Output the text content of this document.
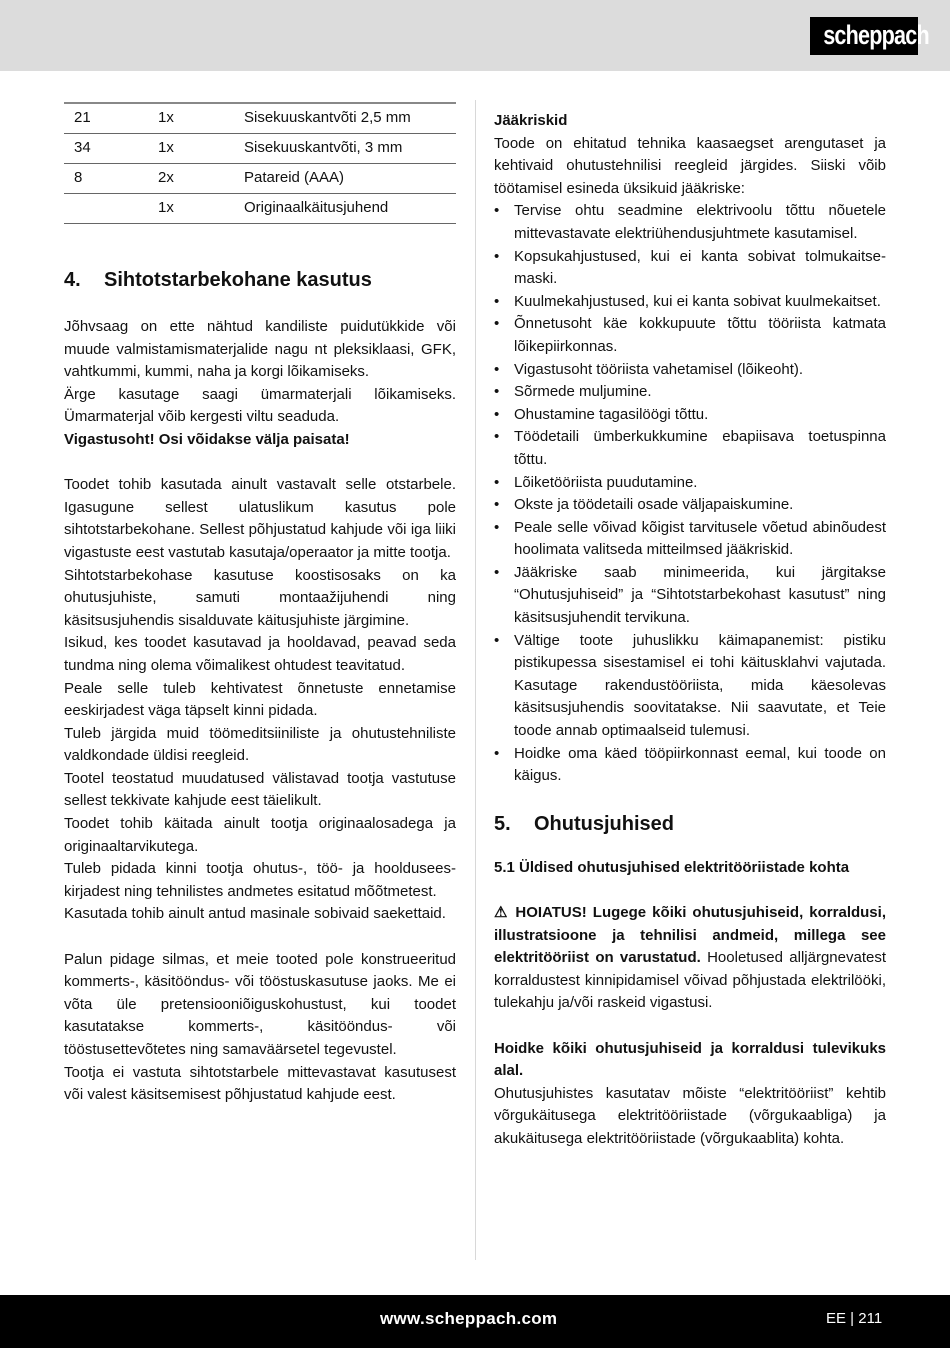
scheppach
21	1x	Sisekuuskantvõti 2,5 mm
34	1x	Sisekuuskantvõti, 3 mm
8	2x	Patareid (AAA)
	1x	Originaalkäitusjuhend
4. Sihtotstarbekohane kasutus

Jõhvsaag on ette nähtud kandiliste puidutükkide või muude valmistamismaterjalide nagu nt pleksiklaasi, GFK, vahtkummi, kummi, naha ja korgi lõikamiseks.

Ärge kasutage saagi ümarmaterjali lõikamiseks. Ümarmaterjal võib kergesti viltu seaduda.

Vigastusoht! Osi võidakse välja paisata!

Toodet tohib kasutada ainult vastavalt selle otstarbele. Igasugune sellest ulatuslikum kasutus pole sihtotstarbekohane. Sellest põhjustatud kahjude või iga liiki vigastuste eest vastutab kasutaja/operaator ja mitte tootja.

Sihtotstarbekohase kasutuse koostisosaks on ka ohutusjuhiste, samuti montaažijuhendi ning käsitsusjuhendis sisalduvate käitusjuhiste järgimine.

Isikud, kes toodet kasutavad ja hooldavad, peavad seda tundma ning olema võimalikest ohtudest teavitatud.

Peale selle tuleb kehtivatest õnnetuste ennetamise eeskirjadest väga täpselt kinni pidada.

Tuleb järgida muid töömeditsiiniliste ja ohutustehniliste valdkondade üldisi reegleid.

Tootel teostatud muudatused välistavad tootja vastutuse sellest tekkivate kahjude eest täielikult.

Toodet tohib käitada ainult tootja originaalosadega ja originaaltarvikutega.

Tuleb pidada kinni tootja ohutus-, töö- ja hoolduseeskirjadest ning tehnilistes andmetes esitatud mõõtmetest.

Kasutada tohib ainult antud masinale sobivaid saekettaid.

Palun pidage silmas, et meie tooted pole konstrueeritud kommerts-, käsitööndus- või tööstuskasutuse jaoks. Me ei võta üle pretensiooniõiguskohustust, kui toodet kasutatakse kommerts-, käsitööndus- või tööstusettevõtetes ning samaväärsetel tegevustel.

Tootja ei vastuta sihtotstarbele mittevastavat kasutusest või valest käsitsemisest põhjustatud kahjude eest.

Jääkriskid

Toode on ehitatud tehnika kaasaegset arengutaset ja kehtivaid ohutustehnilisi reegleid järgides. Siiski võib töötamisel esineda üksikuid jääkriske:

• Tervise ohtu seadmine elektrivoolu tõttu nõuetele mittevastavate elektriühendusjuhtmete kasutamisel.
• Kopsukahjustused, kui ei kanta sobivat tolmukaitsemaski.
• Kuulmekahjustused, kui ei kanta sobivat kuulmekaitset.
• Õnnetusoht käe kokkupuute tõttu tööriista katmata lõikepiirkonnas.
• Vigastusoht tööriista vahetamisel (lõikeoht).
• Sõrmede muljumine.
• Ohustamine tagasilöögi tõttu.
• Töödetaili ümberkukkumine ebapiisava toetuspinna tõttu.
• Lõiketööriista puudutamine.
• Okste ja töödetaili osade väljapaiskumine.
• Peale selle võivad kõigist tarvitusele võetud abinõudest hoolimata valitseda mitteilmsed jääkriskid.
• Jääkriske saab minimeerida, kui järgitakse “Ohutusjuhiseid” ja “Sihtotstarbekohast kasutust” ning käsitsusjuhendit tervikuna.
• Vältige toote juhuslikku käimapanemist: pistiku pistikupessa sisestamisel ei tohi käitusklahvi vajutada. Kasutage rakendustööriista, mida käesolevas käsitsusjuhendis soovitatakse. Nii saavutate, et Teie toode annab optimaalseid tulemusi.
• Hoidke oma käed tööpiirkonnast eemal, kui toode on käigus.
5. Ohutusjuhised

5.1 Üldised ohutusjuhised elektritööriistade kohta

⚠ HOIATUS! Lugege kõiki ohutusjuhiseid, korraldusi, illustratsioone ja tehnilisi andmeid, millega see elektritööriist on varustatud. Hooletused alljärgnevatest korraldustest kinnipidamisel võivad põhjustada elektrilööki, tulekahju ja/või raskeid vigastusi.

Hoidke kõiki ohutusjuhiseid ja korraldusi tulevikuks alal.

Ohutusjuhistes kasutatav mõiste “elektritööriist” kehtib võrgukäitusega elektritööriistade (võrgukaabliga) ja akukäitusega elektritööriistade (võrgukaablita) kohta.

www.scheppach.com	EE | 211
